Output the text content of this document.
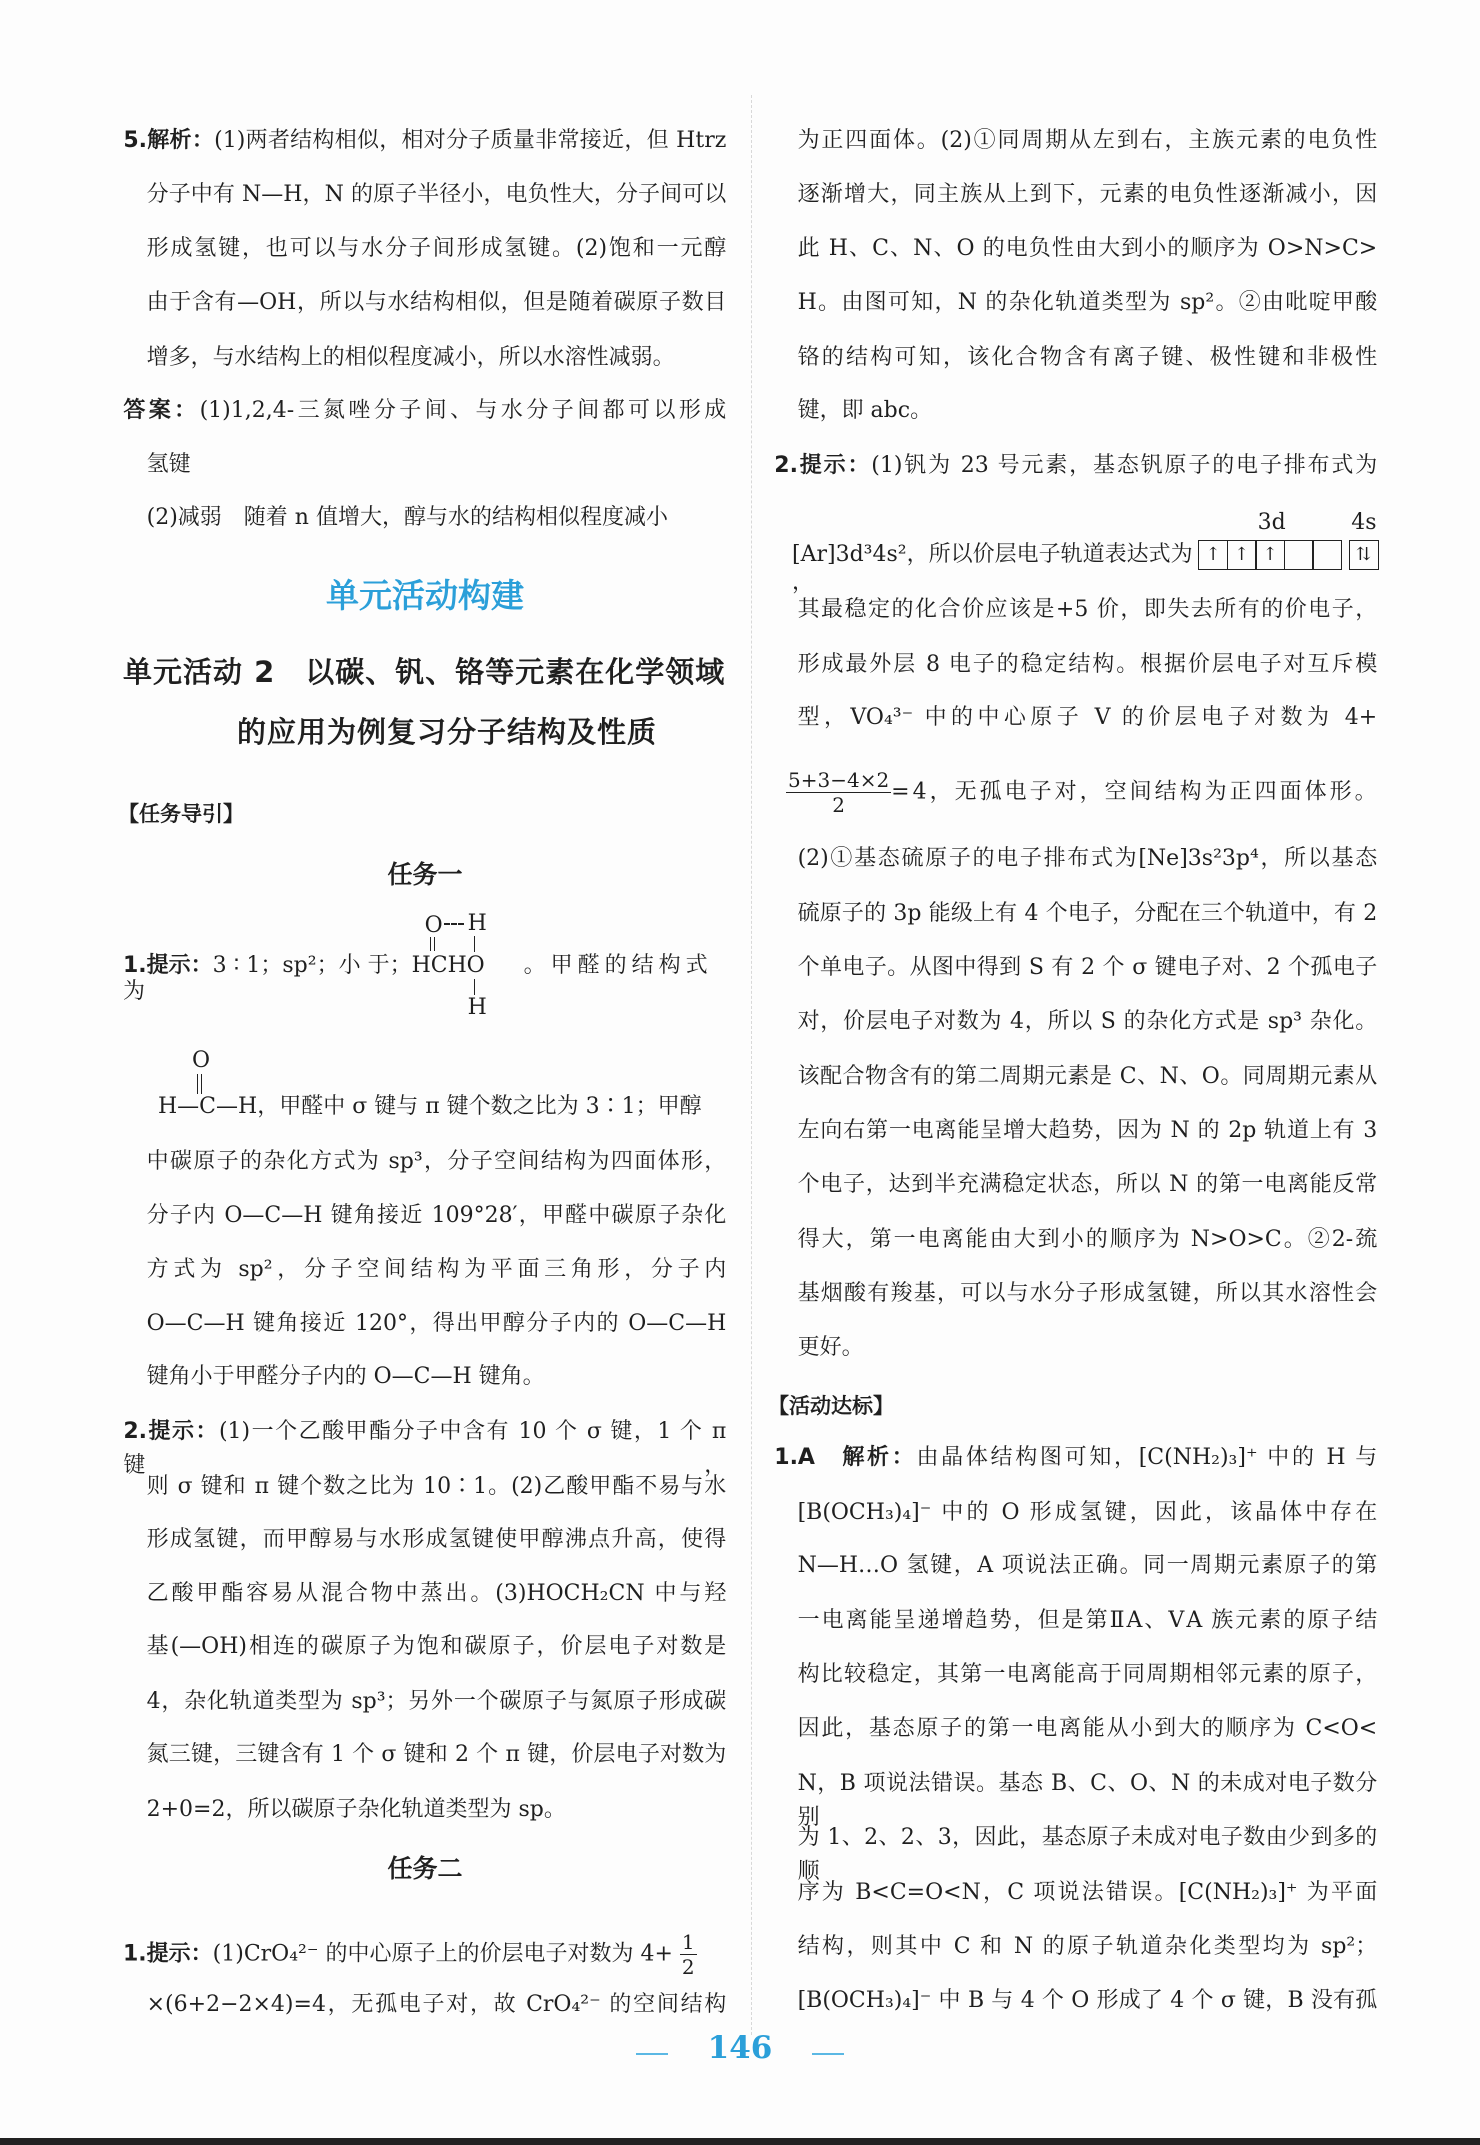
5.解析：(1)两者结构相似，相对分子质量非常接近，但 Htrz
分子中有 N—H，N 的原子半径小，电负性大，分子间可以
形成氢键，也可以与水分子间形成氢键。(2)饱和一元醇
由于含有—OH，所以与水结构相似，但是随着碳原子数目
增多，与水结构上的相似程度减小，所以水溶性减弱。
答案：(1)1,2,4-三氮唑分子间、与水分子间都可以形成
氢键
(2)减弱　随着 n 值增大，醇与水的结构相似程度减小
中碳原子的杂化方式为 sp³，分子空间结构为四面体形，
分子内 O—C—H 键角接近 109°28′，甲醛中碳原子杂化
方式为 sp²，分子空间结构为平面三角形，分子内
O—C—H 键角接近 120°，得出甲醇分子内的 O—C—H
键角小于甲醛分子内的 O—C—H 键角。
2.提示：(1)一个乙酸甲酯分子中含有 10 个 σ 键，1 个 π 键，
则 σ 键和 π 键个数之比为 10∶1。(2)乙酸甲酯不易与水
形成氢键，而甲醇易与水形成氢键使甲醇沸点升高，使得
乙酸甲酯容易从混合物中蒸出。(3)HOCH₂CN 中与羟
基(—OH)相连的碳原子为饱和碳原子，价层电子对数是
4，杂化轨道类型为 sp³；另外一个碳原子与氮原子形成碳
氮三键，三键含有 1 个 σ 键和 2 个 π 键，价层电子对数为
2+0=2，所以碳原子杂化轨道类型为 sp。
×(6+2−2×4)=4，无孤电子对，故 CrO₄²⁻ 的空间结构
为正四面体。(2)①同周期从左到右，主族元素的电负性
逐渐增大，同主族从上到下，元素的电负性逐渐减小，因
此 H、C、N、O 的电负性由大到小的顺序为 O>N>C>
H。由图可知，N 的杂化轨道类型为 sp²。②由吡啶甲酸
铬的结构可知，该化合物含有离子键、极性键和非极性
键，即 abc。
2.提示：(1)钒为 23 号元素，基态钒原子的电子排布式为
其最稳定的化合价应该是+5 价，即失去所有的价电子，
形成最外层 8 电子的稳定结构。根据价层电子对互斥模
型，VO₄³⁻ 中的中心原子 V 的价层电子对数为 4+
(2)①基态硫原子的电子排布式为[Ne]3s²3p⁴，所以基态
硫原子的 3p 能级上有 4 个电子，分配在三个轨道中，有 2
个单电子。从图中得到 S 有 2 个 σ 键电子对、2 个孤电子
对，价层电子对数为 4，所以 S 的杂化方式是 sp³ 杂化。
该配合物含有的第二周期元素是 C、N、O。同周期元素从
左向右第一电离能呈增大趋势，因为 N 的 2p 轨道上有 3
个电子，达到半充满稳定状态，所以 N 的第一电离能反常
得大，第一电离能由大到小的顺序为 N>O>C。②2-巯
基烟酸有羧基，可以与水分子形成氢键，所以其水溶性会
更好。
1.A　解析：由晶体结构图可知，[C(NH₂)₃]⁺ 中的 H 与
[B(OCH₃)₄]⁻ 中的 O 形成氢键，因此，该晶体中存在
N—H…O 氢键，A 项说法正确。同一周期元素原子的第
一电离能呈递增趋势，但是第ⅡA、ⅤA 族元素的原子结
构比较稳定，其第一电离能高于同周期相邻元素的原子，
因此，基态原子的第一电离能从小到大的顺序为 C<O<
N，B 项说法错误。基态 B、C、O、N 的未成对电子数分别
为 1、2、2、3，因此，基态原子未成对电子数由少到多的顺
序为 B<C=O<N，C 项说法错误。[C(NH₂)₃]⁺ 为平面
结构，则其中 C 和 N 的原子轨道杂化类型均为 sp²；
[B(OCH₃)₄]⁻ 中 B 与 4 个 O 形成了 4 个 σ 键，B 没有孤
单元活动构建
单元活动 2　以碳、钒、铬等元素在化学领域
的应用为例复习分子结构及性质
【任务导引】
任务一
1.提示：3 ∶ 1；sp²；小 于； HCH
O H
O
H
。甲醛的结构式为
O
H—C—H，甲醛中 σ 键与 π 键个数之比为 3∶1；甲醇
任务二
1.提示：(1)CrO₄²⁻ 的中心原子上的价层电子对数为 $4+ \frac{1}{2}$
[Ar]3d³4s²，所以价层电子轨道表达式为
3d
↑ ↑ ↑	⇅
4s
，
$\frac{5+3-4\times 2}{2} =4$，无孤电子对，空间结构为正四面体形。
【活动达标】
146
